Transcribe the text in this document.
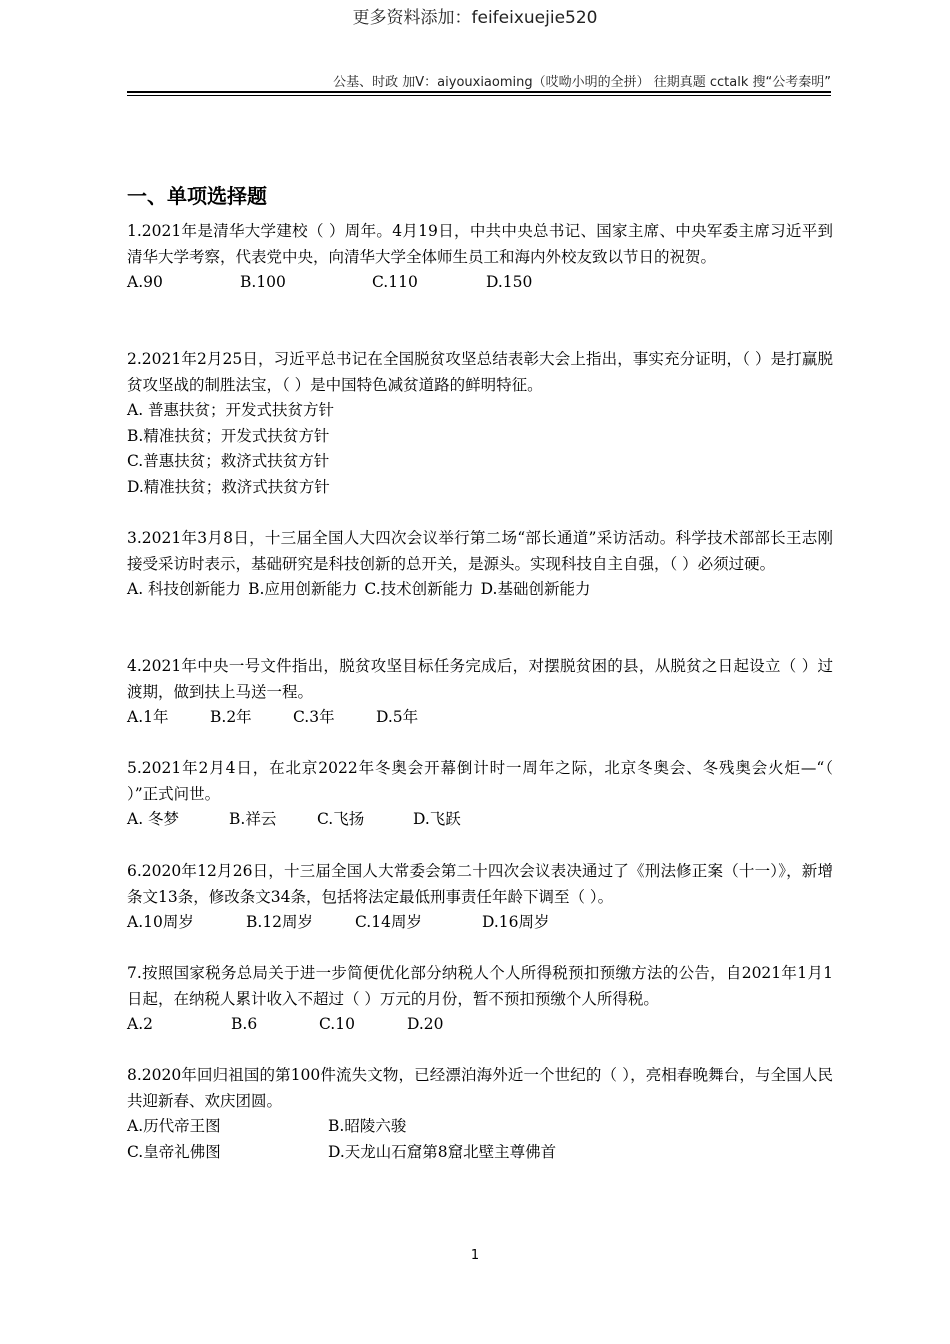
更多资料添加：feifeixuejie520
公基、时政 加V：aiyouxiaoming（哎呦小明的全拼） 往期真题 cctalk 搜“公考秦明”
一、单项选择题
1.2021年是清华大学建校（ ）周年。4月19日，中共中央总书记、国家主席、中央军委主席习近平到清华大学考察，代表党中央，向清华大学全体师生员工和海内外校友致以节日的祝贺。
A.90	B.100	C.110	D.150
2.2021年2月25日，习近平总书记在全国脱贫攻坚总结表彰大会上指出，事实充分证明，（ ）是打赢脱贫攻坚战的制胜法宝，（ ）是中国特色减贫道路的鲜明特征。
A. 普惠扶贫；开发式扶贫方针
B.精准扶贫；开发式扶贫方针
C.普惠扶贫；救济式扶贫方针
D.精准扶贫；救济式扶贫方针
3.2021年3月8日，十三届全国人大四次会议举行第二场“部长通道”采访活动。科学技术部部长王志刚接受采访时表示，基础研究是科技创新的总开关，是源头。实现科技自主自强，（ ）必须过硬。
A. 科技创新能力 B.应用创新能力 C.技术创新能力 D.基础创新能力
4.2021年中央一号文件指出，脱贫攻坚目标任务完成后，对摆脱贫困的县，从脱贫之日起设立（ ）过渡期，做到扶上马送一程。
A.1年	B.2年	C.3年	D.5年
5.2021年2月4日，在北京2022年冬奥会开幕倒计时一周年之际，北京冬奥会、冬残奥会火炬—“（ ）”正式问世。
A. 冬梦	B.祥云	C.飞扬	D.飞跃
6.2020年12月26日，十三届全国人大常委会第二十四次会议表决通过了《刑法修正案（十一）》，新增条文13条，修改条文34条，包括将法定最低刑事责任年龄下调至（ ）。
A.10周岁	B.12周岁	C.14周岁	D.16周岁
7.按照国家税务总局关于进一步简便优化部分纳税人个人所得税预扣预缴方法的公告，自2021年1月1日起，在纳税人累计收入不超过（ ）万元的月份，暂不预扣预缴个人所得税。
A.2	B.6	C.10	D.20
8.2020年回归祖国的第100件流失文物，已经漂泊海外近一个世纪的（ ），亮相春晚舞台，与全国人民共迎新春、欢庆团圆。
A.历代帝王图	B.昭陵六骏
C.皇帝礼佛图	D.天龙山石窟第8窟北壁主尊佛首
1
